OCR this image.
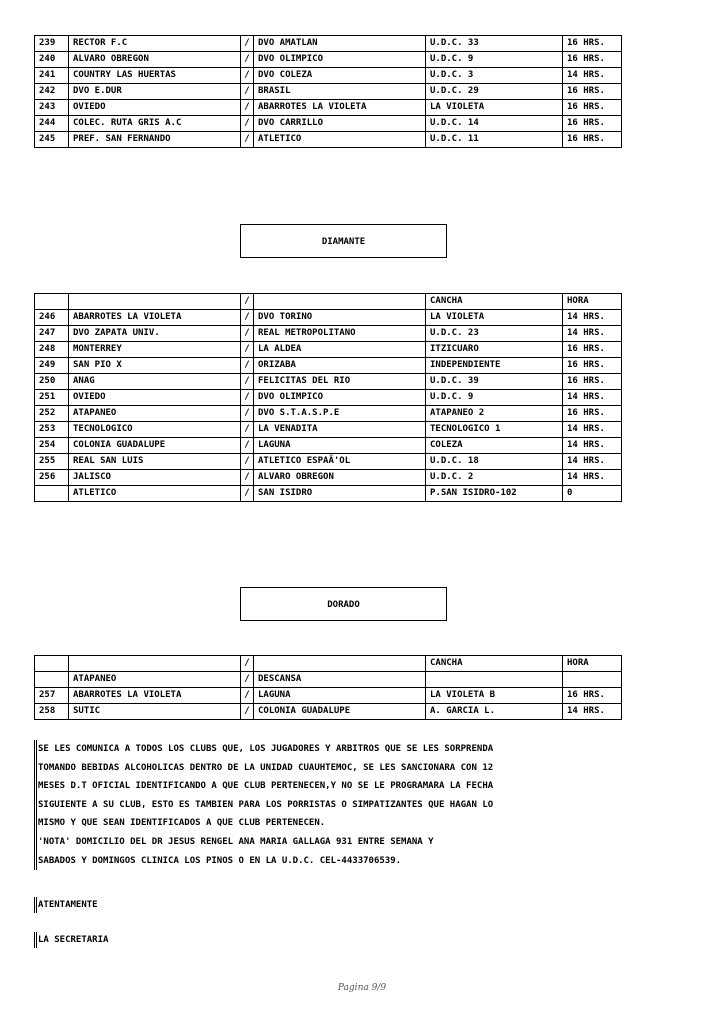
239	RECTOR F.C	/	DVO AMATLAN	U.D.C. 33	16 HRS.
240	ALVARO OBREGON	/	DVO OLIMPICO	U.D.C. 9	16 HRS.
241	COUNTRY LAS HUERTAS	/	DVO COLEZA	U.D.C. 3	14 HRS.
242	DVO E.DUR	/	BRASIL	U.D.C. 29	16 HRS.
243	OVIEDO	/	ABARROTES LA VIOLETA	LA VIOLETA	16 HRS.
244	COLEC. RUTA GRIS A.C	/	DVO CARRILLO	U.D.C. 14	16 HRS.
245	PREF. SAN FERNANDO	/	ATLETICO	U.D.C. 11	16 HRS.
DIAMANTE
		/		CANCHA	HORA
246	ABARROTES LA VIOLETA	/	DVO TORINO	LA VIOLETA	14 HRS.
247	DVO ZAPATA UNIV.	/	REAL METROPOLITANO	U.D.C. 23	14 HRS.
248	MONTERREY	/	LA ALDEA	ITZICUARO	16 HRS.
249	SAN PIO X	/	ORIZABA	INDEPENDIENTE	16 HRS.
250	ANAG	/	FELICITAS DEL RIO	U.D.C. 39	16 HRS.
251	OVIEDO	/	DVO OLIMPICO	U.D.C. 9	14 HRS.
252	ATAPANEO	/	DVO S.T.A.S.P.E	ATAPANEO 2	16 HRS.
253	TECNOLOGICO	/	LA VENADITA	TECNOLOGICO 1	14 HRS.
254	COLONIA GUADALUPE	/	LAGUNA	COLEZA	14 HRS.
255	REAL SAN LUIS	/	ATLETICO ESPAÃ'OL	U.D.C. 18	14 HRS.
256	JALISCO	/	ALVARO OBREGON	U.D.C. 2	14 HRS.
	ATLETICO	/	SAN ISIDRO	P.SAN ISIDRO-102	0
DORADO
		/		CANCHA	HORA
	ATAPANEO	/	DESCANSA		
257	ABARROTES LA VIOLETA	/	LAGUNA	LA VIOLETA B	16 HRS.
258	SUTIC	/	COLONIA GUADALUPE	A. GARCIA L.	14 HRS.
SE LES COMUNICA A TODOS LOS CLUBS QUE, LOS JUGADORES Y ARBITROS QUE SE LES SORPRENDA
TOMANDO BEBIDAS ALCOHOLICAS DENTRO DE LA UNIDAD CUAUHTEMOC, SE LES SANCIONARA CON 12
MESES D.T OFICIAL IDENTIFICANDO A QUE CLUB PERTENECEN,Y NO SE LE PROGRAMARA LA FECHA
SIGUIENTE A SU CLUB, ESTO ES TAMBIEN PARA LOS PORRISTAS O SIMPATIZANTES QUE HAGAN LO
MISMO Y QUE SEAN IDENTIFICADOS A QUE CLUB PERTENECEN.
'NOTA' DOMICILIO DEL DR JESUS RENGEL ANA MARIA GALLAGA 931 ENTRE SEMANA Y
SABADOS Y DOMINGOS CLINICA LOS PINOS O EN LA U.D.C. CEL-4433706539.
ATENTAMENTE
LA SECRETARIA
Pagina 9/9
